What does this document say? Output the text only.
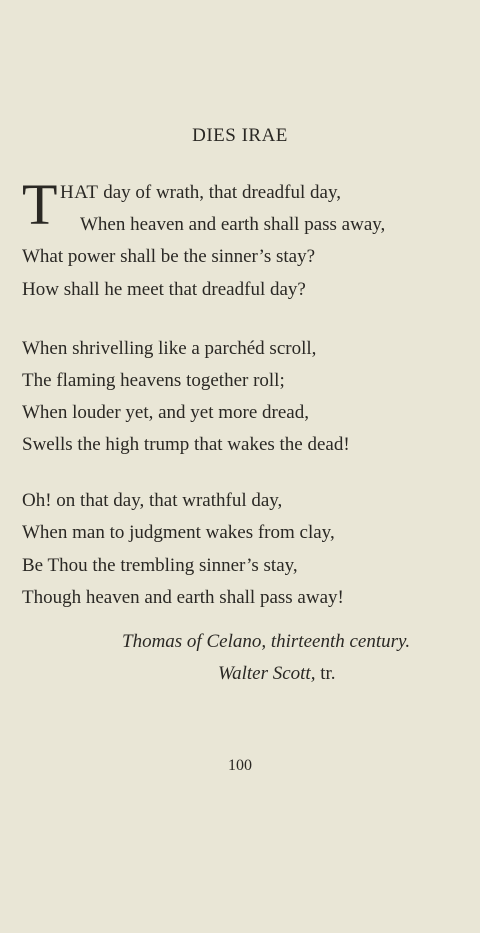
DIES IRAE
T HAT day of wrath, that dreadful day,
When heaven and earth shall pass away,
What power shall be the sinner’s stay?
How shall he meet that dreadful day?
When shrivelling like a parchéd scroll,
The flaming heavens together roll;
When louder yet, and yet more dread,
Swells the high trump that wakes the dead!
Oh! on that day, that wrathful day,
When man to judgment wakes from clay,
Be Thou the trembling sinner’s stay,
Though heaven and earth shall pass away!
Thomas of Celano, thirteenth century.
Walter Scott, tr.
100
